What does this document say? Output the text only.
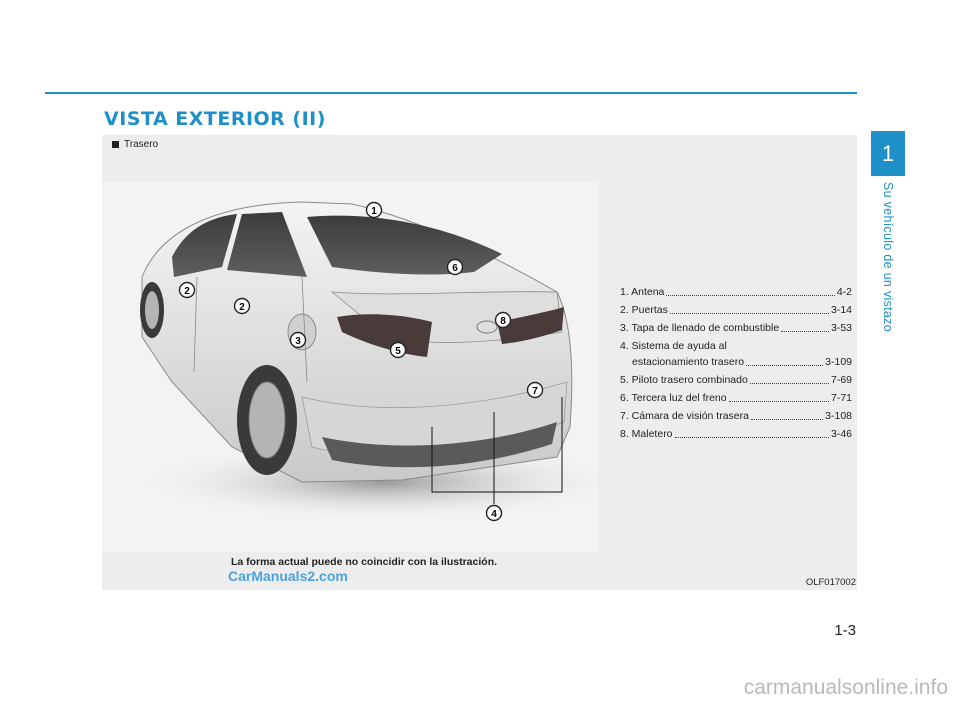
VISTA EXTERIOR (II)
Trasero
1
2
2
3
4
5
6
7
8
1. Antena	4-2
2. Puertas	3-14
3. Tapa de llenado de combustible	3-53
4. Sistema de ayuda al
estacionamiento trasero	3-109
5. Piloto trasero combinado	7-69
6. Tercera luz del freno	7-71
7. Cámara de visión trasera	3-108
8. Maletero	3-46
La forma actual puede no coincidir con la ilustración.
CarManuals2.com	OLF017002
1
Su vehículo de un vistazo
1-3
carmanualsonline.info
